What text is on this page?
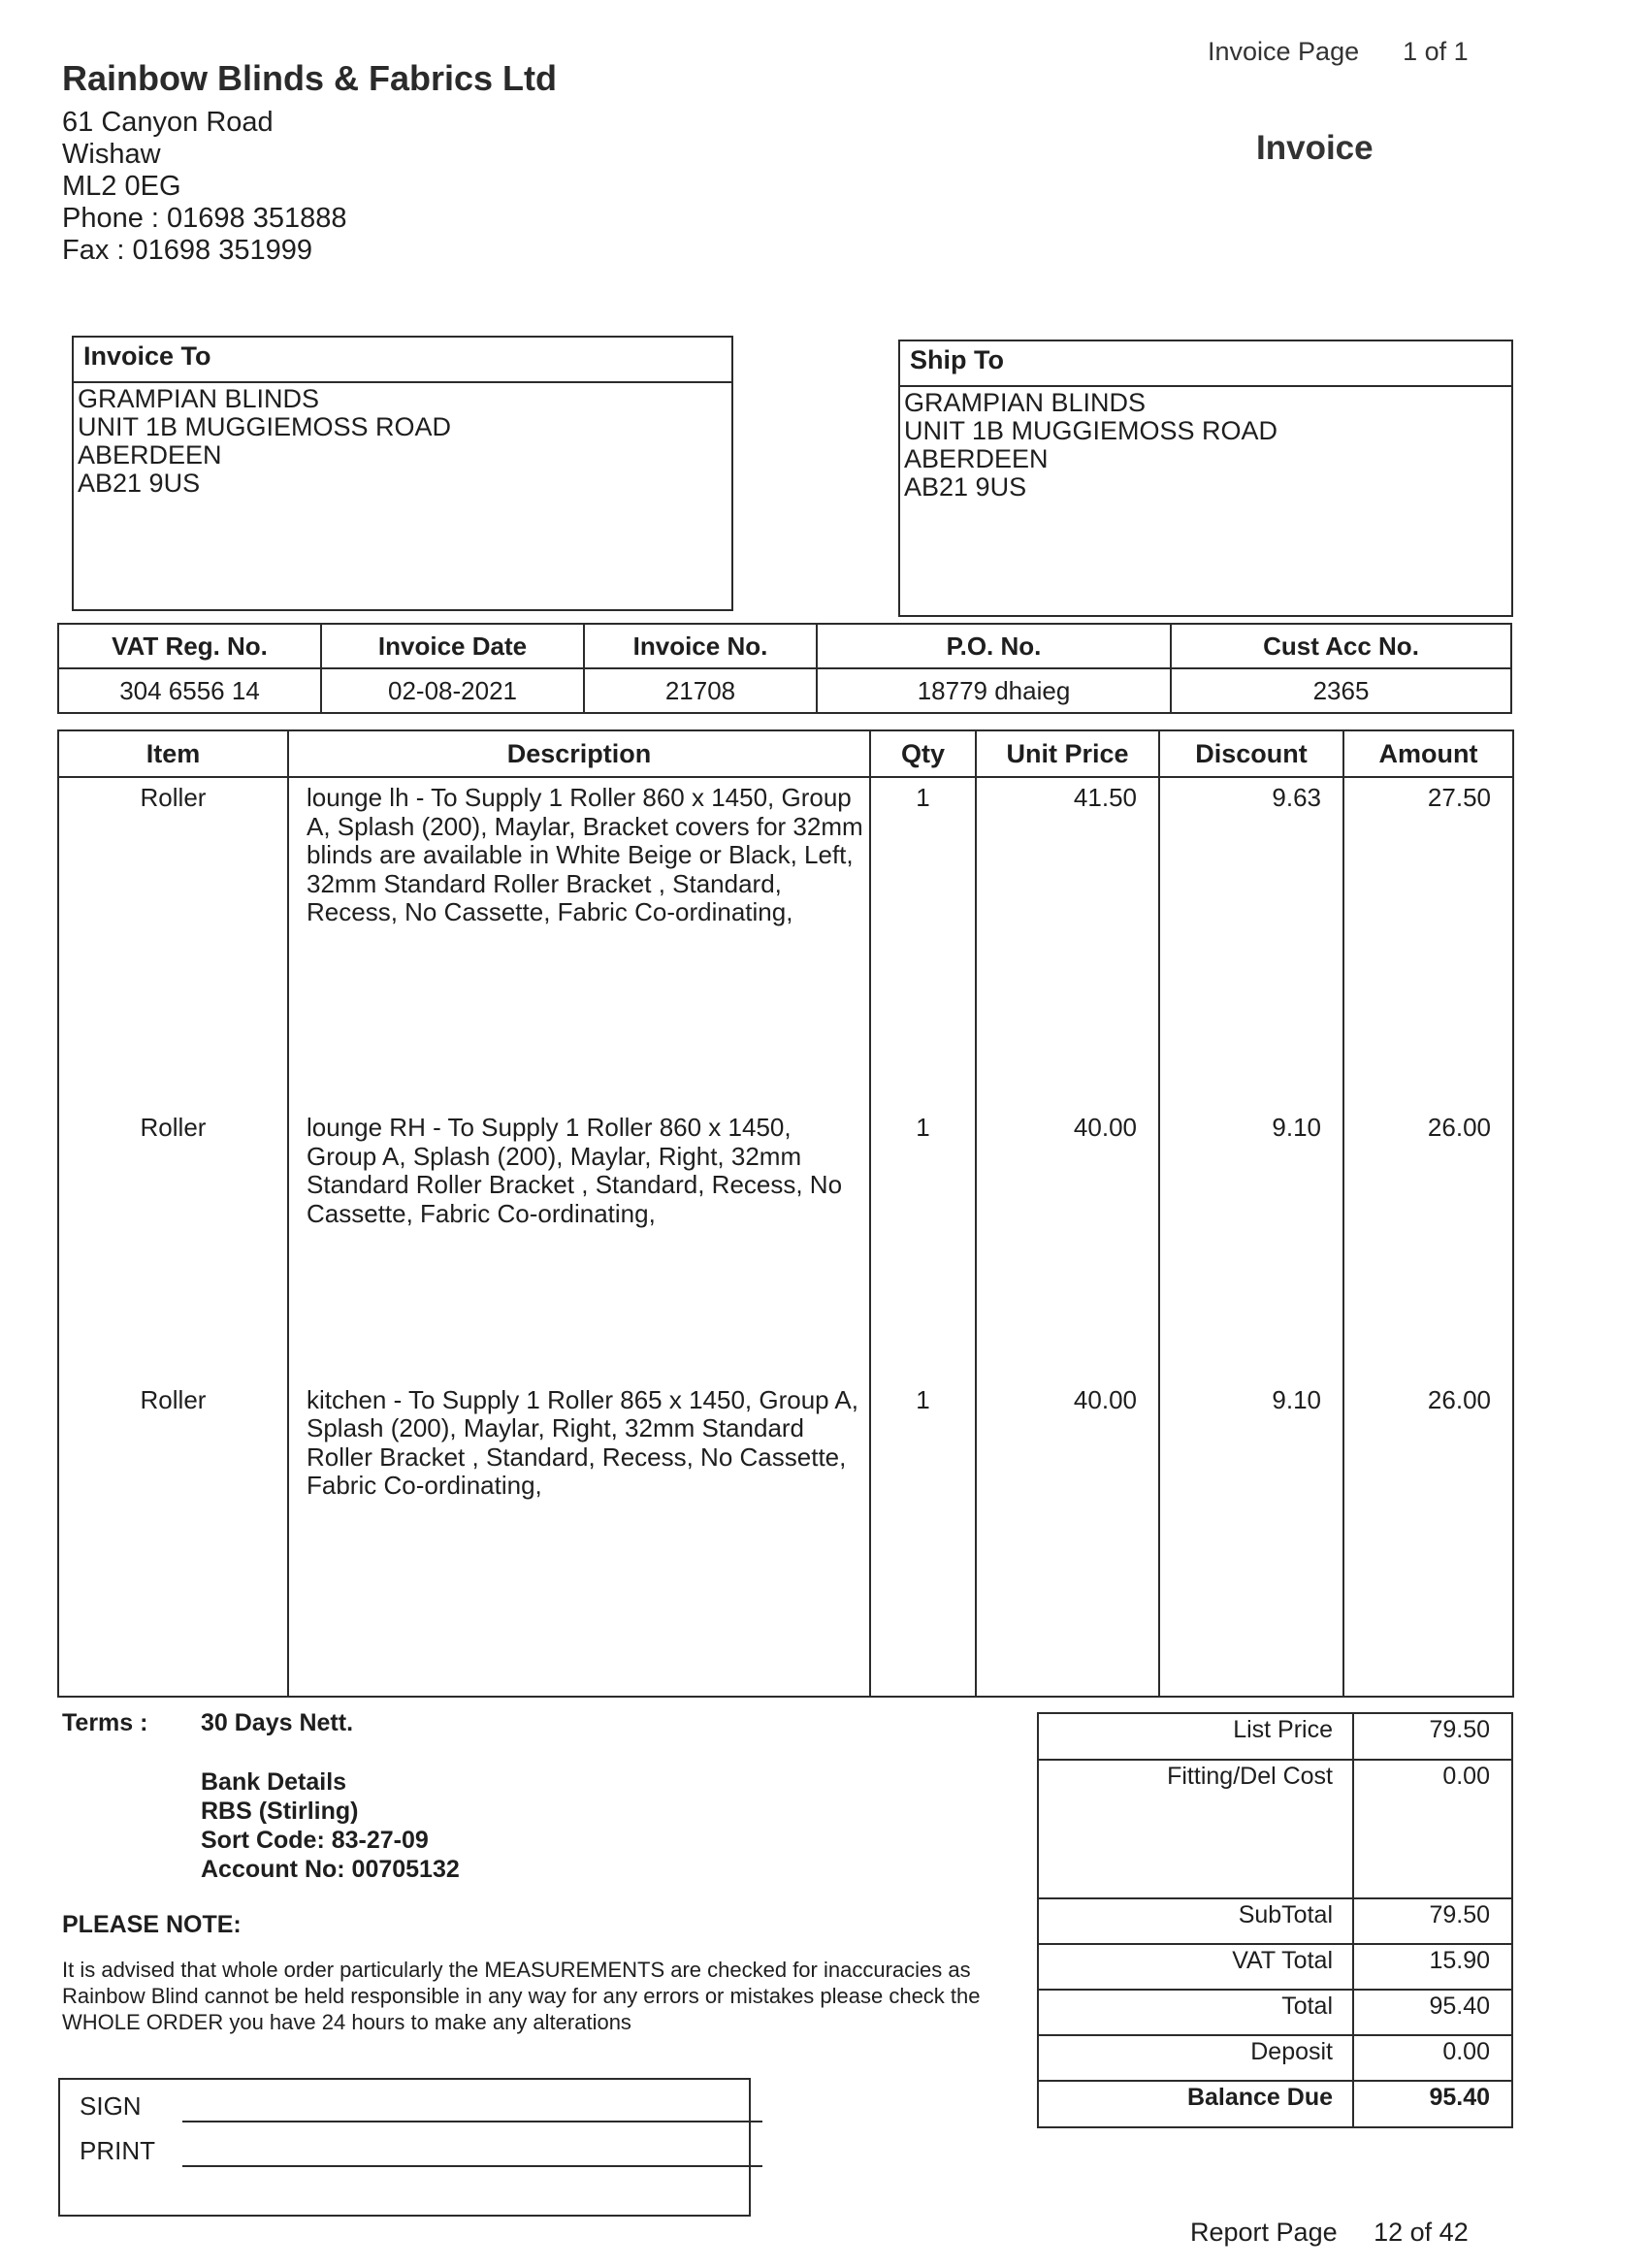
Rainbow Blinds & Fabrics Ltd
61 Canyon Road
Wishaw
ML2 0EG
Phone : 01698 351888
Fax : 01698 351999
Invoice Page 1 of 1
Invoice
Invoice To
GRAMPIAN BLINDS
UNIT 1B MUGGIEMOSS ROAD
ABERDEEN
AB21 9US
Ship To
GRAMPIAN BLINDS
UNIT 1B MUGGIEMOSS ROAD
ABERDEEN
AB21 9US
VAT Reg. No.	Invoice Date	Invoice No.	P.O. No.	Cust Acc No.
304 6556 14	02-08-2021	21708	18779 dhaieg	2365
Item	Description	Qty	Unit Price	Discount	Amount
Roller	lounge lh - To Supply 1 Roller 860 x 1450, Group A, Splash (200), Maylar, Bracket covers for 32mm blinds are available in White Beige or Black, Left, 32mm Standard Roller Bracket , Standard, Recess, No Cassette, Fabric Co-ordinating,	1	41.50	9.63	27.50
Roller	lounge RH - To Supply 1 Roller 860 x 1450, Group A, Splash (200), Maylar, Right, 32mm Standard Roller Bracket , Standard, Recess, No Cassette, Fabric Co-ordinating,	1	40.00	9.10	26.00
Roller	kitchen - To Supply 1 Roller 865 x 1450, Group A, Splash (200), Maylar, Right, 32mm Standard Roller Bracket , Standard, Recess, No Cassette, Fabric Co-ordinating,	1	40.00	9.10	26.00

Terms : 30 Days Nett.
Bank Details
RBS (Stirling)
Sort Code: 83-27-09
Account No: 00705132
PLEASE NOTE:
It is advised that whole order particularly the MEASUREMENTS are checked for inaccuracies as Rainbow Blind cannot be held responsible in any way for any errors or mistakes please check the WHOLE ORDER you have 24 hours to make any alterations
SIGN
PRINT
List Price	79.50
Fitting/Del Cost	0.00
SubTotal	79.50
VAT Total	15.90
Total	95.40
Deposit	0.00
Balance Due	95.40
Report Page 12 of 42
